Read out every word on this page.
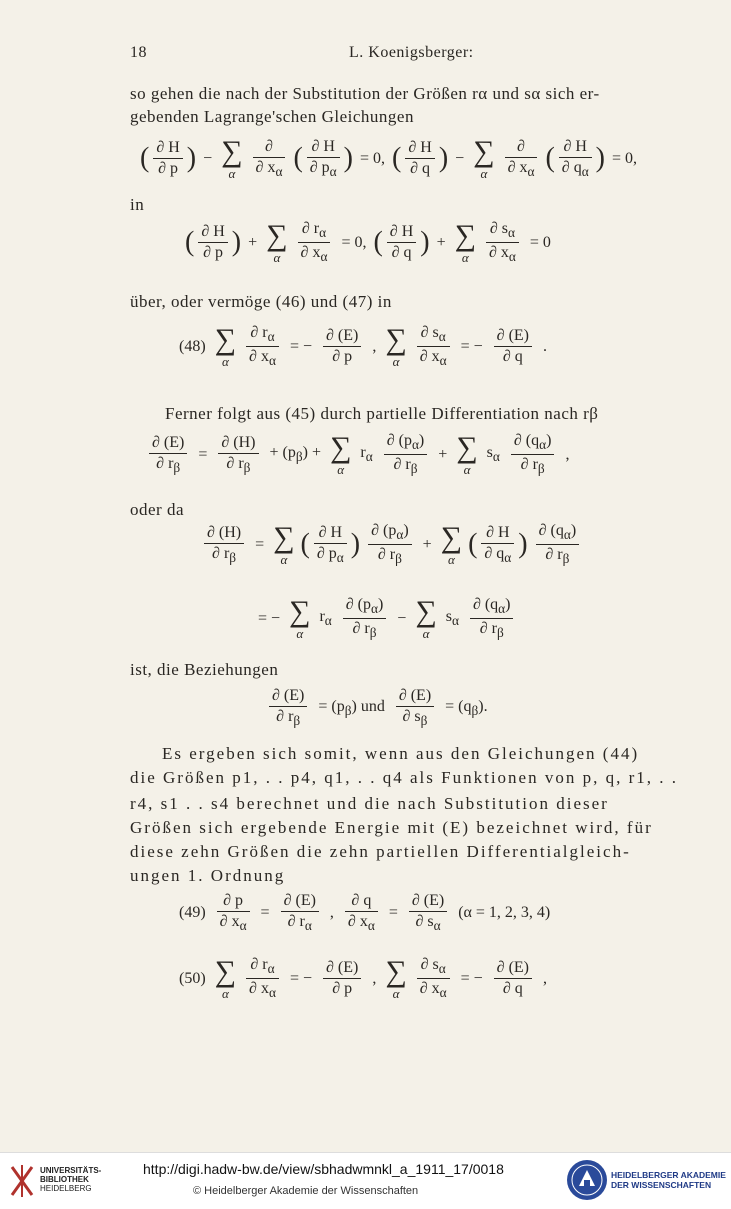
18	L. Koenigsberger:
so gehen die nach der Substitution der Größen rα und sα sich er-
gebenden Lagrange'schen Gleichungen
( $\frac{\partial H}{\partial p}$ ) − ∑
α
	$\frac{\partial}{\partial x_\alpha}$ ( $\frac{\partial H}{\partial p_\alpha}$ ) = 0, ( $\frac{\partial H}{\partial q}$ ) − ∑
α
	$\frac{\partial}{\partial x_\alpha}$ ( $\frac{\partial H}{\partial q_\alpha}$ ) = 0,
in
( $\frac{\partial H}{\partial p}$ ) + ∑
α
	$\frac{\partial r_\alpha}{\partial x_\alpha} = 0$, ( $\frac{\partial H}{\partial q}$ ) + ∑
α
	$\frac{\partial s_\alpha}{\partial x_\alpha} = 0$
über, oder vermöge (46) und (47) in
(48) ∑
α
	$\frac{\partial r_\alpha}{\partial x_\alpha}$ = − $\frac{\partial (E)}{\partial p}$ , ∑
α
	$\frac{\partial s_\alpha}{\partial x_\alpha}$ = − $\frac{\partial (E)}{\partial q}$ .
Ferner folgt aus (45) durch partielle Differentiation nach rβ
$\frac{\partial (E)}{\partial r_\beta} = \frac{\partial (H)}{\partial r_\beta} + (p_\beta)$ + ∑
α
$r_\alpha \frac{\partial (p_\alpha)}{\partial r_\beta}$ + ∑
α
$s_\alpha \frac{\partial (q_\alpha)}{\partial r_\beta}$ ,
oder da
$\frac{\partial (H)}{\partial r_\beta}$ = ∑
α ( $\frac{\partial H}{\partial p_\alpha}$ ) $\frac{\partial (p_\alpha)}{\partial r_\beta}$ + ∑
α ( $\frac{\partial H}{\partial q_\alpha}$ ) $\frac{\partial (q_\alpha)}{\partial r_\beta}$
= − ∑
α
$r_\alpha \frac{\partial (p_\alpha)}{\partial r_\beta}$ − ∑
α
$s_\alpha \frac{\partial (q_\alpha)}{\partial r_\beta}$
ist, die Beziehungen
$\frac{\partial (E)}{\partial r_\beta} = (p_\beta)$ und $\frac{\partial (E)}{\partial s_\beta} = (q_\beta)$.
Es ergeben sich somit, wenn aus den Gleichungen (44)
die Größen p1, . . p4, q1, . . q4 als Funktionen von p, q, r1, . .
r4, s1 . . s4 berechnet und die nach Substitution dieser
Größen sich ergebende Energie mit (E) bezeichnet wird, für
diese zehn Größen die zehn partiellen Differentialgleich-
ungen 1. Ordnung
$(49) \frac{\partial p}{\partial x_\alpha} = \frac{\partial (E)}{\partial r_\alpha}$ , $\frac{\partial q}{\partial x_\alpha} = \frac{\partial (E)}{\partial s_\alpha} (\alpha = 1$, 2, 3, 4)
(50) ∑
α
	$\frac{\partial r_\alpha}{\partial x_\alpha}$ = − $\frac{\partial (E)}{\partial p}$ , ∑
α
	$\frac{\partial s_\alpha}{\partial x_\alpha}$ = − $\frac{\partial (E)}{\partial q}$ ,
UNIVERSITÄTS-
BIBLIOTHEK
HEIDELBERG
http://digi.hadw-bw.de/view/sbhadwmnkl_a_1911_17/0018
© Heidelberger Akademie der Wissenschaften
HEIDELBERGER AKADEMIE
DER WISSENSCHAFTEN
